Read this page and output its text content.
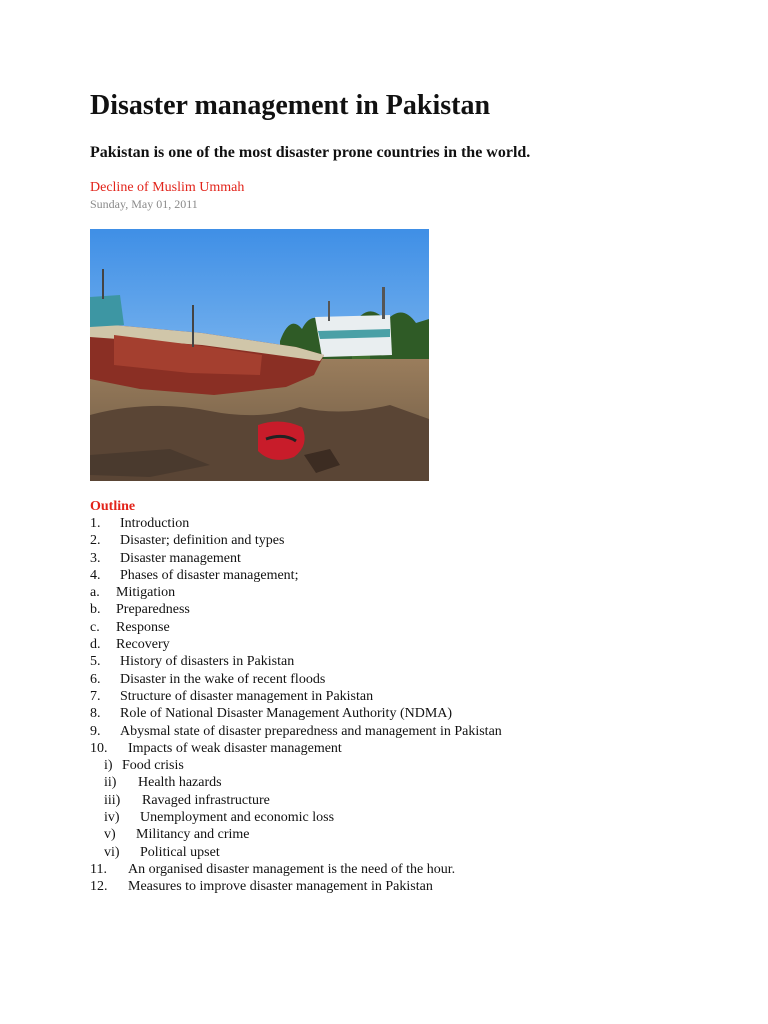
Disaster management in Pakistan

Pakistan is one of the most disaster prone countries in the world.

Decline of Muslim Ummah
Sunday, May 01, 2011
Outline
1. Introduction
2. Disaster; definition and types
3. Disaster management
4. Phases of disaster management;
a. Mitigation
b. Preparedness
c. Response
d. Recovery
5. History of disasters in Pakistan
6. Disaster in the wake of recent floods
7. Structure of disaster management in Pakistan
8. Role of National Disaster Management Authority (NDMA)
9. Abysmal state of disaster preparedness and management in Pakistan
10. Impacts of weak disaster management
i) Food crisis
ii) Health hazards
iii) Ravaged infrastructure
iv) Unemployment and economic loss
v) Militancy and crime
vi) Political upset
11. An organised disaster management is the need of the hour.
12. Measures to improve disaster management in Pakistan
